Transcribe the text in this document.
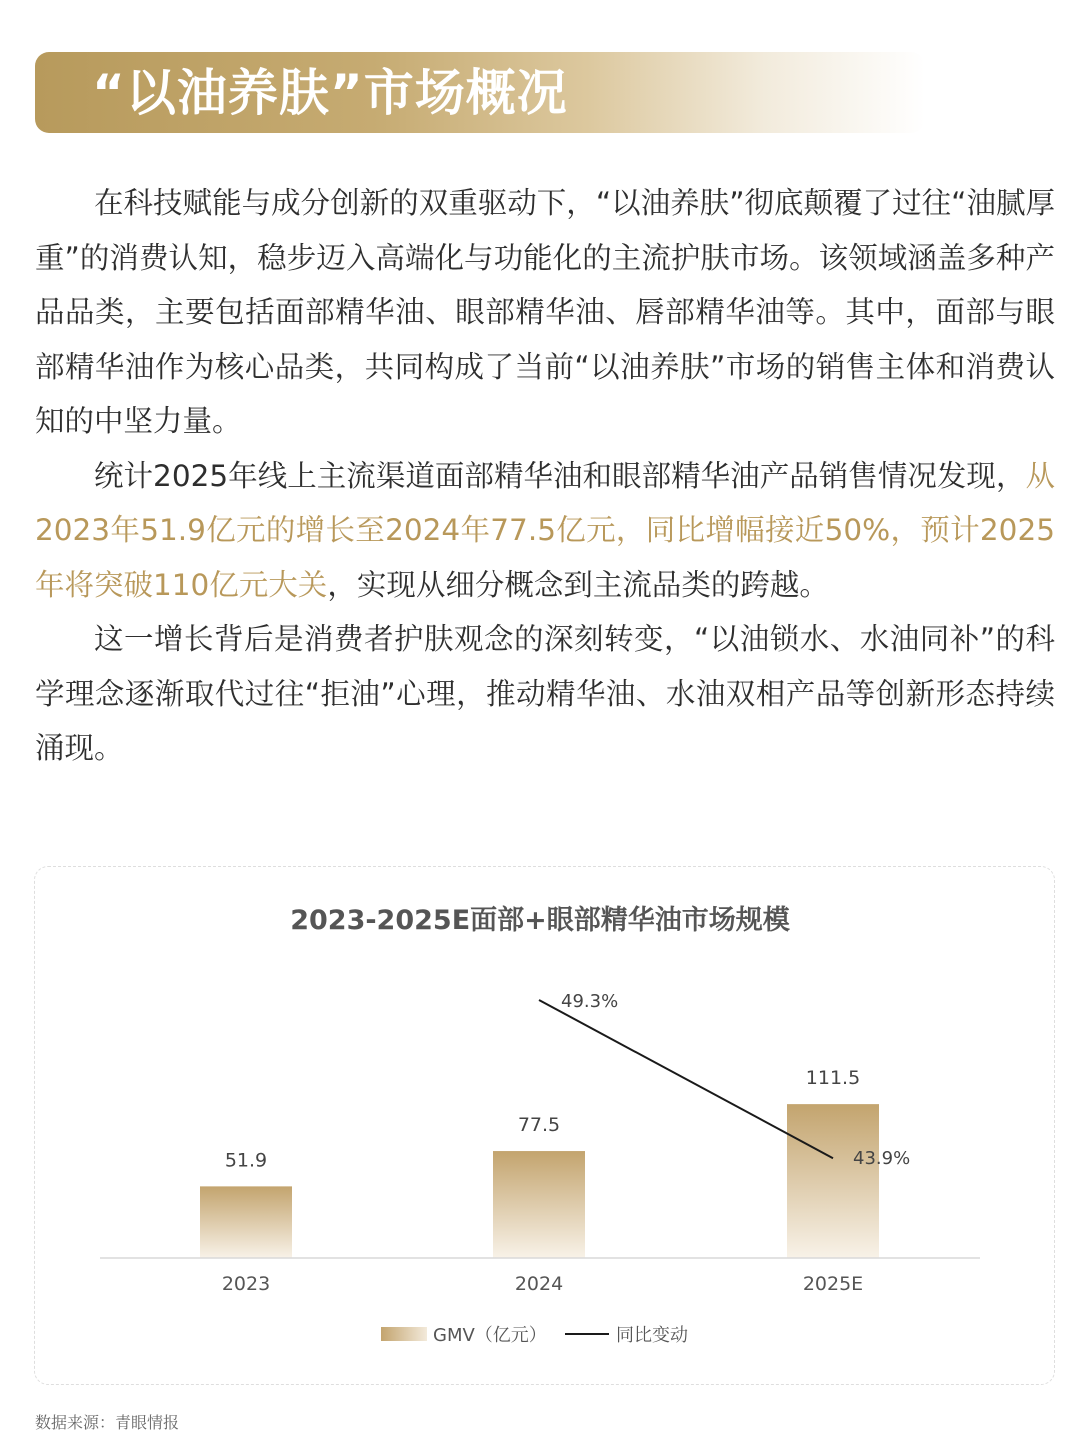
“以油养肤”市场概况

在科技赋能与成分创新的双重驱动下，“以油养肤”彻底颠覆了过往“油腻厚重”的消费认知，稳步迈入高端化与功能化的主流护肤市场。该领域涵盖多种产品品类，主要包括面部精华油、眼部精华油、唇部精华油等。其中，面部与眼部精华油作为核心品类，共同构成了当前“以油养肤”市场的销售主体和消费认知的中坚力量。

统计2025年线上主流渠道面部精华油和眼部精华油产品销售情况发现，从2023年51.9亿元的增长至2024年77.5亿元，同比增幅接近50%，预计2025年将突破110亿元大关，实现从细分概念到主流品类的跨越。

这一增长背后是消费者护肤观念的深刻转变，“以油锁水、水油同补”的科学理念逐渐取代过往“拒油”心理，推动精华油、水油双相产品等创新形态持续涌现。

2023-2025E面部+眼部精华油市场规模
51.9
2023
77.5
2024
111.5
2025E
49.3%
43.9%
GMV（亿元）	同比变动
数据来源：青眼情报
